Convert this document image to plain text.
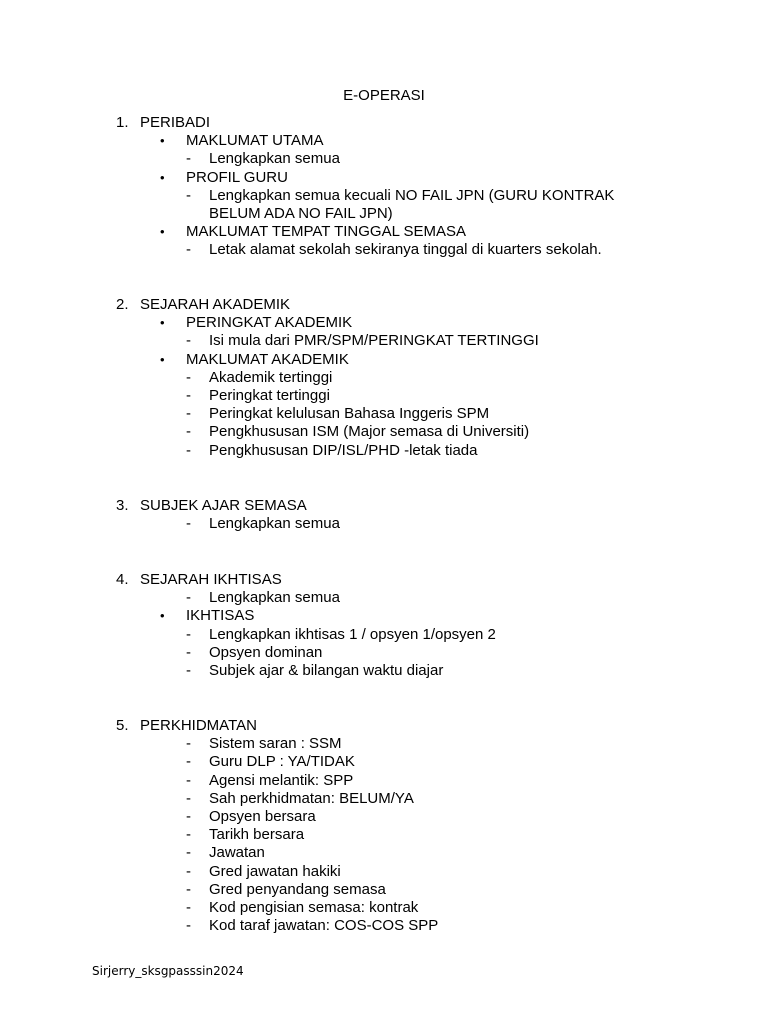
E-OPERASI
1. PERIBADI
• MAKLUMAT UTAMA
- Lengkapkan semua
• PROFIL GURU
- Lengkapkan semua kecuali NO FAIL JPN (GURU KONTRAK
BELUM ADA NO FAIL JPN)
• MAKLUMAT TEMPAT TINGGAL SEMASA
- Letak alamat sekolah sekiranya tinggal di kuarters sekolah.
2. SEJARAH AKADEMIK
• PERINGKAT AKADEMIK
- Isi mula dari PMR/SPM/PERINGKAT TERTINGGI
• MAKLUMAT AKADEMIK
- Akademik tertinggi
- Peringkat tertinggi
- Peringkat kelulusan Bahasa Inggeris SPM
- Pengkhususan ISM (Major semasa di Universiti)
- Pengkhususan DIP/ISL/PHD -letak tiada
3. SUBJEK AJAR SEMASA
- Lengkapkan semua
4. SEJARAH IKHTISAS
- Lengkapkan semua
• IKHTISAS
- Lengkapkan ikhtisas 1 / opsyen 1/opsyen 2
- Opsyen dominan
- Subjek ajar & bilangan waktu diajar
5. PERKHIDMATAN
- Sistem saran : SSM
- Guru DLP : YA/TIDAK
- Agensi melantik: SPP
- Sah perkhidmatan: BELUM/YA
- Opsyen bersara
- Tarikh bersara
- Jawatan
- Gred jawatan hakiki
- Gred penyandang semasa
- Kod pengisian semasa: kontrak
- Kod taraf jawatan: COS-COS SPP
Sirjerry_sksgpasssin2024
